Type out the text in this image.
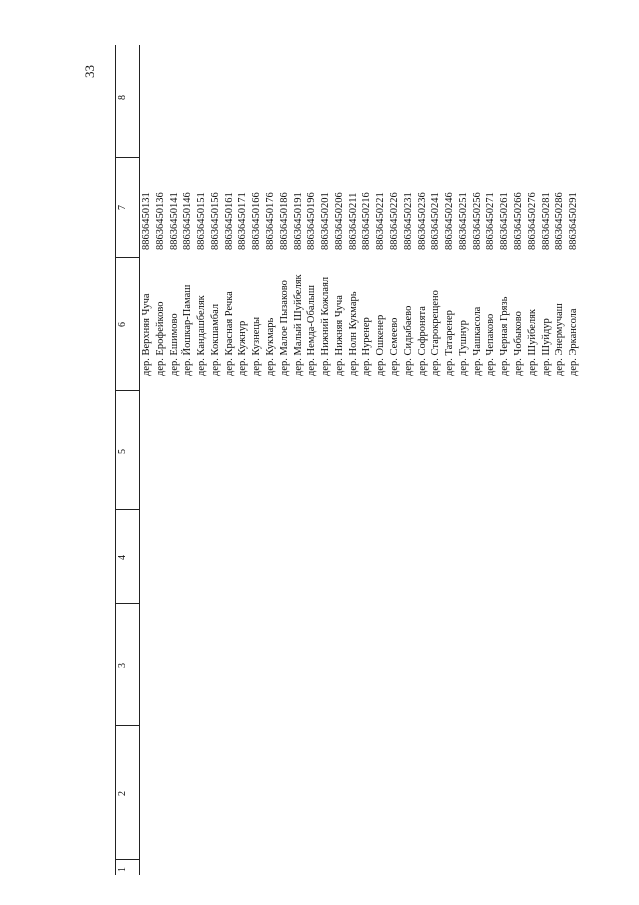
33
8
7
6
5
4
3
2
1
88636450131
дер. Верхняя Чуча
88636450136
дер. Ерофейково
88636450141
дер. Ешимово
88636450146
дер. Йошкар-Памаш
88636450151
дер. Кандашбеляк
88636450156
дер. Кокшамбал
88636450161
дер. Красная Речка
88636450171
дер. Кужнур
88636450166
дер. Кузнецы
88636450176
дер. Кукмарь
88636450186
дер. Малое Пызаково
88636450191
дер. Малый Шуйбеляк
88636450196
дер. Немда-Обалыш
88636450201
дер. Нижний Кожлаял
88636450206
дер. Нижняя Чуча
88636450211
дер. Нолн Кукмарь
88636450216
дер. Нуренер
88636450221
дер. Ошкенер
88636450226
дер. Семеево
88636450231
дер. Сидыбаево
88636450236
дер. Софронята
88636450241
дер. Старокрещено
88636450246
дер. Татаренер
88636450251
дер. Тушнур
88636450256
дер. Чашкасола
88636450271
дер. Чепаково
88636450261
дер. Черная Грязь
88636450266
дер. Чобыково
88636450276
дер. Шуйбеляк
88636450281
дер. Шуйдур
88636450286
дер. Энермучаш
88636450291
дер. Эркансола
